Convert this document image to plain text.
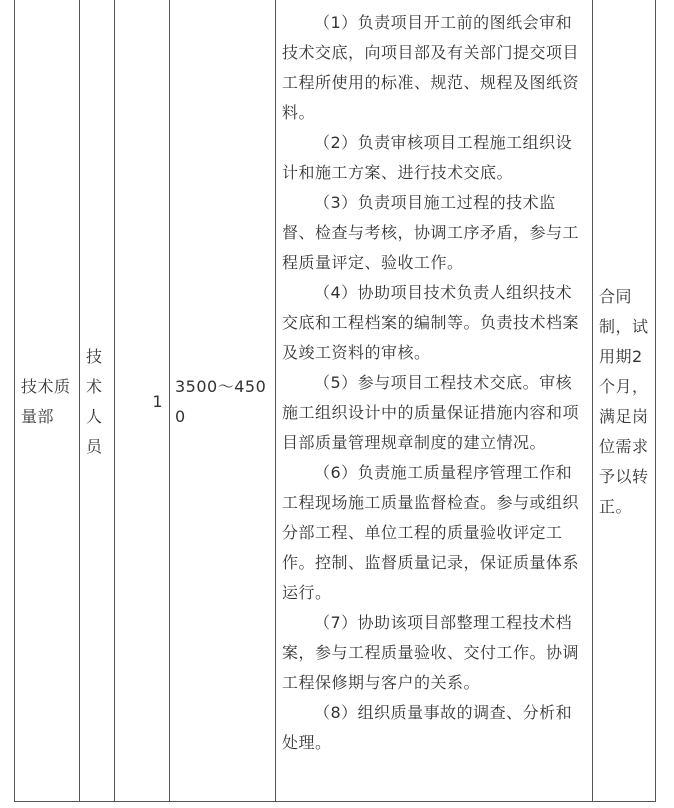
技术质量部
技术人员
1
3500～4500

（1）负责项目开工前的图纸会审和技术交底，向项目部及有关部门提交项目工程所使用的标准、规范、规程及图纸资料。

（2）负责审核项目工程施工组织设计和施工方案、进行技术交底。

（3）负责项目施工过程的技术监督、检查与考核，协调工序矛盾，参与工程质量评定、验收工作。

（4）协助项目技术负责人组织技术交底和工程档案的编制等。负责技术档案及竣工资料的审核。

（5）参与项目工程技术交底。审核施工组织设计中的质量保证措施内容和项目部质量管理规章制度的建立情况。

（6）负责施工质量程序管理工作和工程现场施工质量监督检查。参与或组织分部工程、单位工程的质量验收评定工作。控制、监督质量记录，保证质量体系运行。

（7）协助该项目部整理工程技术档案，参与工程质量验收、交付工作。协调工程保修期与客户的关系。

（8）组织质量事故的调查、分析和处理。

合同制，试用期2个月，满足岗位需求予以转正。
